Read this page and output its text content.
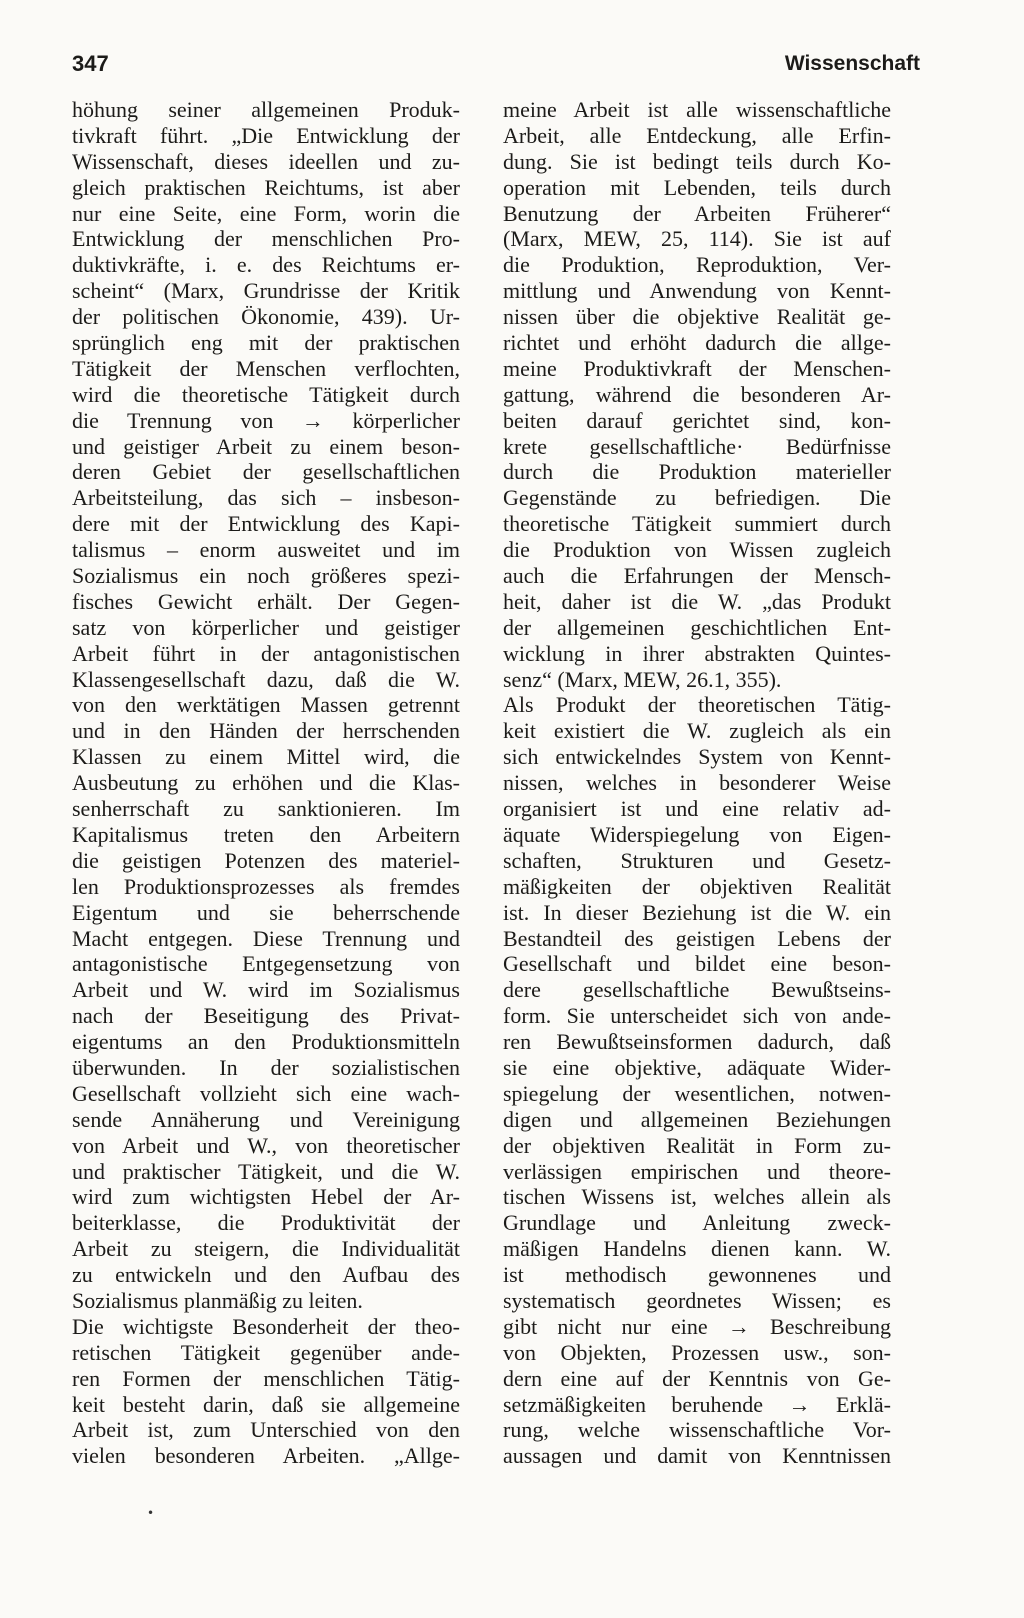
347	Wissenschaft
höhung seiner allgemeinen Produk-
tivkraft führt. „Die Entwicklung der
Wissenschaft, dieses ideellen und zu-
gleich praktischen Reichtums, ist aber
nur eine Seite, eine Form, worin die
Entwicklung der menschlichen Pro-
duktivkräfte, i. e. des Reichtums er-
scheint“ (Marx, Grundrisse der Kritik
der politischen Ökonomie, 439). Ur-
sprünglich eng mit der praktischen
Tätigkeit der Menschen verflochten,
wird die theoretische Tätigkeit durch
die Trennung von → körperlicher
und geistiger Arbeit zu einem beson-
deren Gebiet der gesellschaftlichen
Arbeitsteilung, das sich – insbeson-
dere mit der Entwicklung des Kapi-
talismus – enorm ausweitet und im
Sozialismus ein noch größeres spezi-
fisches Gewicht erhält. Der Gegen-
satz von körperlicher und geistiger
Arbeit führt in der antagonistischen
Klassengesellschaft dazu, daß die W.
von den werktätigen Massen getrennt
und in den Händen der herrschenden
Klassen zu einem Mittel wird, die
Ausbeutung zu erhöhen und die Klas-
senherrschaft zu sanktionieren. Im
Kapitalismus treten den Arbeitern
die geistigen Potenzen des materiel-
len Produktionsprozesses als fremdes
Eigentum und sie beherrschende
Macht entgegen. Diese Trennung und
antagonistische Entgegensetzung von
Arbeit und W. wird im Sozialismus
nach der Beseitigung des Privat-
eigentums an den Produktionsmitteln
überwunden. In der sozialistischen
Gesellschaft vollzieht sich eine wach-
sende Annäherung und Vereinigung
von Arbeit und W., von theoretischer
und praktischer Tätigkeit, und die W.
wird zum wichtigsten Hebel der Ar-
beiterklasse, die Produktivität der
Arbeit zu steigern, die Individualität
zu entwickeln und den Aufbau des
Sozialismus planmäßig zu leiten.
Die wichtigste Besonderheit der theo-
retischen Tätigkeit gegenüber ande-
ren Formen der menschlichen Tätig-
keit besteht darin, daß sie allgemeine
Arbeit ist, zum Unterschied von den
vielen besonderen Arbeiten. „Allge-
meine Arbeit ist alle wissenschaftliche
Arbeit, alle Entdeckung, alle Erfin-
dung. Sie ist bedingt teils durch Ko-
operation mit Lebenden, teils durch
Benutzung der Arbeiten Früherer“
(Marx, MEW, 25, 114). Sie ist auf
die Produktion, Reproduktion, Ver-
mittlung und Anwendung von Kennt-
nissen über die objektive Realität ge-
richtet und erhöht dadurch die allge-
meine Produktivkraft der Menschen-
gattung, während die besonderen Ar-
beiten darauf gerichtet sind, kon-
krete gesellschaftliche· Bedürfnisse
durch die Produktion materieller
Gegenstände zu befriedigen. Die
theoretische Tätigkeit summiert durch
die Produktion von Wissen zugleich
auch die Erfahrungen der Mensch-
heit, daher ist die W. „das Produkt
der allgemeinen geschichtlichen Ent-
wicklung in ihrer abstrakten Quintes-
senz“ (Marx, MEW, 26.1, 355).
Als Produkt der theoretischen Tätig-
keit existiert die W. zugleich als ein
sich entwickelndes System von Kennt-
nissen, welches in besonderer Weise
organisiert ist und eine relativ ad-
äquate Widerspiegelung von Eigen-
schaften, Strukturen und Gesetz-
mäßigkeiten der objektiven Realität
ist. In dieser Beziehung ist die W. ein
Bestandteil des geistigen Lebens der
Gesellschaft und bildet eine beson-
dere gesellschaftliche Bewußtseins-
form. Sie unterscheidet sich von ande-
ren Bewußtseinsformen dadurch, daß
sie eine objektive, adäquate Wider-
spiegelung der wesentlichen, notwen-
digen und allgemeinen Beziehungen
der objektiven Realität in Form zu-
verlässigen empirischen und theore-
tischen Wissens ist, welches allein als
Grundlage und Anleitung zweck-
mäßigen Handelns dienen kann. W.
ist methodisch gewonnenes und
systematisch geordnetes Wissen; es
gibt nicht nur eine → Beschreibung
von Objekten, Prozessen usw., son-
dern eine auf der Kenntnis von Ge-
setzmäßigkeiten beruhende → Erklä-
rung, welche wissenschaftliche Vor-
aussagen und damit von Kenntnissen
•
